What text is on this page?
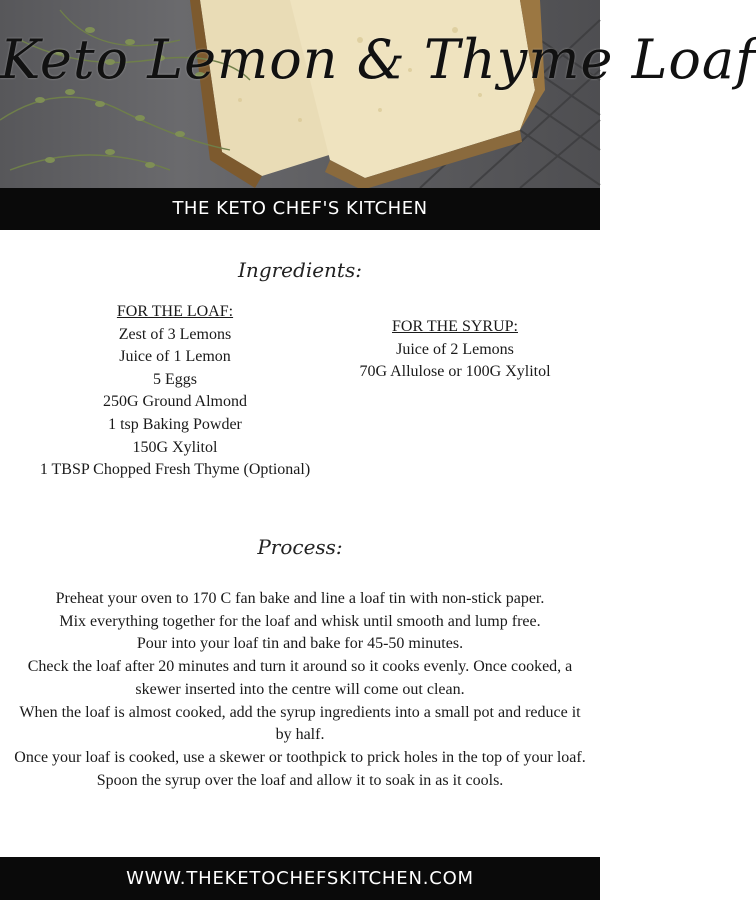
Keto Lemon & Thyme Loaf
THE KETO CHEF'S KITCHEN
Ingredients:
FOR THE LOAF:
Zest of 3 Lemons
Juice of 1 Lemon
5 Eggs
250G Ground Almond
1 tsp Baking Powder
150G Xylitol
1 TBSP Chopped Fresh Thyme (Optional)
FOR THE SYRUP:
Juice of 2 Lemons
70G Allulose or 100G Xylitol
Process:

Preheat your oven to 170 C fan bake and line a loaf tin with non-stick paper.

Mix everything together for the loaf and whisk until smooth and lump free.

Pour into your loaf tin and bake for 45-50 minutes.

Check the loaf after 20 minutes and turn it around so it cooks evenly. Once cooked, a skewer inserted into the centre will come out clean.

When the loaf is almost cooked, add the syrup ingredients into a small pot and reduce it by half.

Once your loaf is cooked, use a skewer or toothpick to prick holes in the top of your loaf.

Spoon the syrup over the loaf and allow it to soak in as it cools.

WWW.THEKETOCHEFSKITCHEN.COM
